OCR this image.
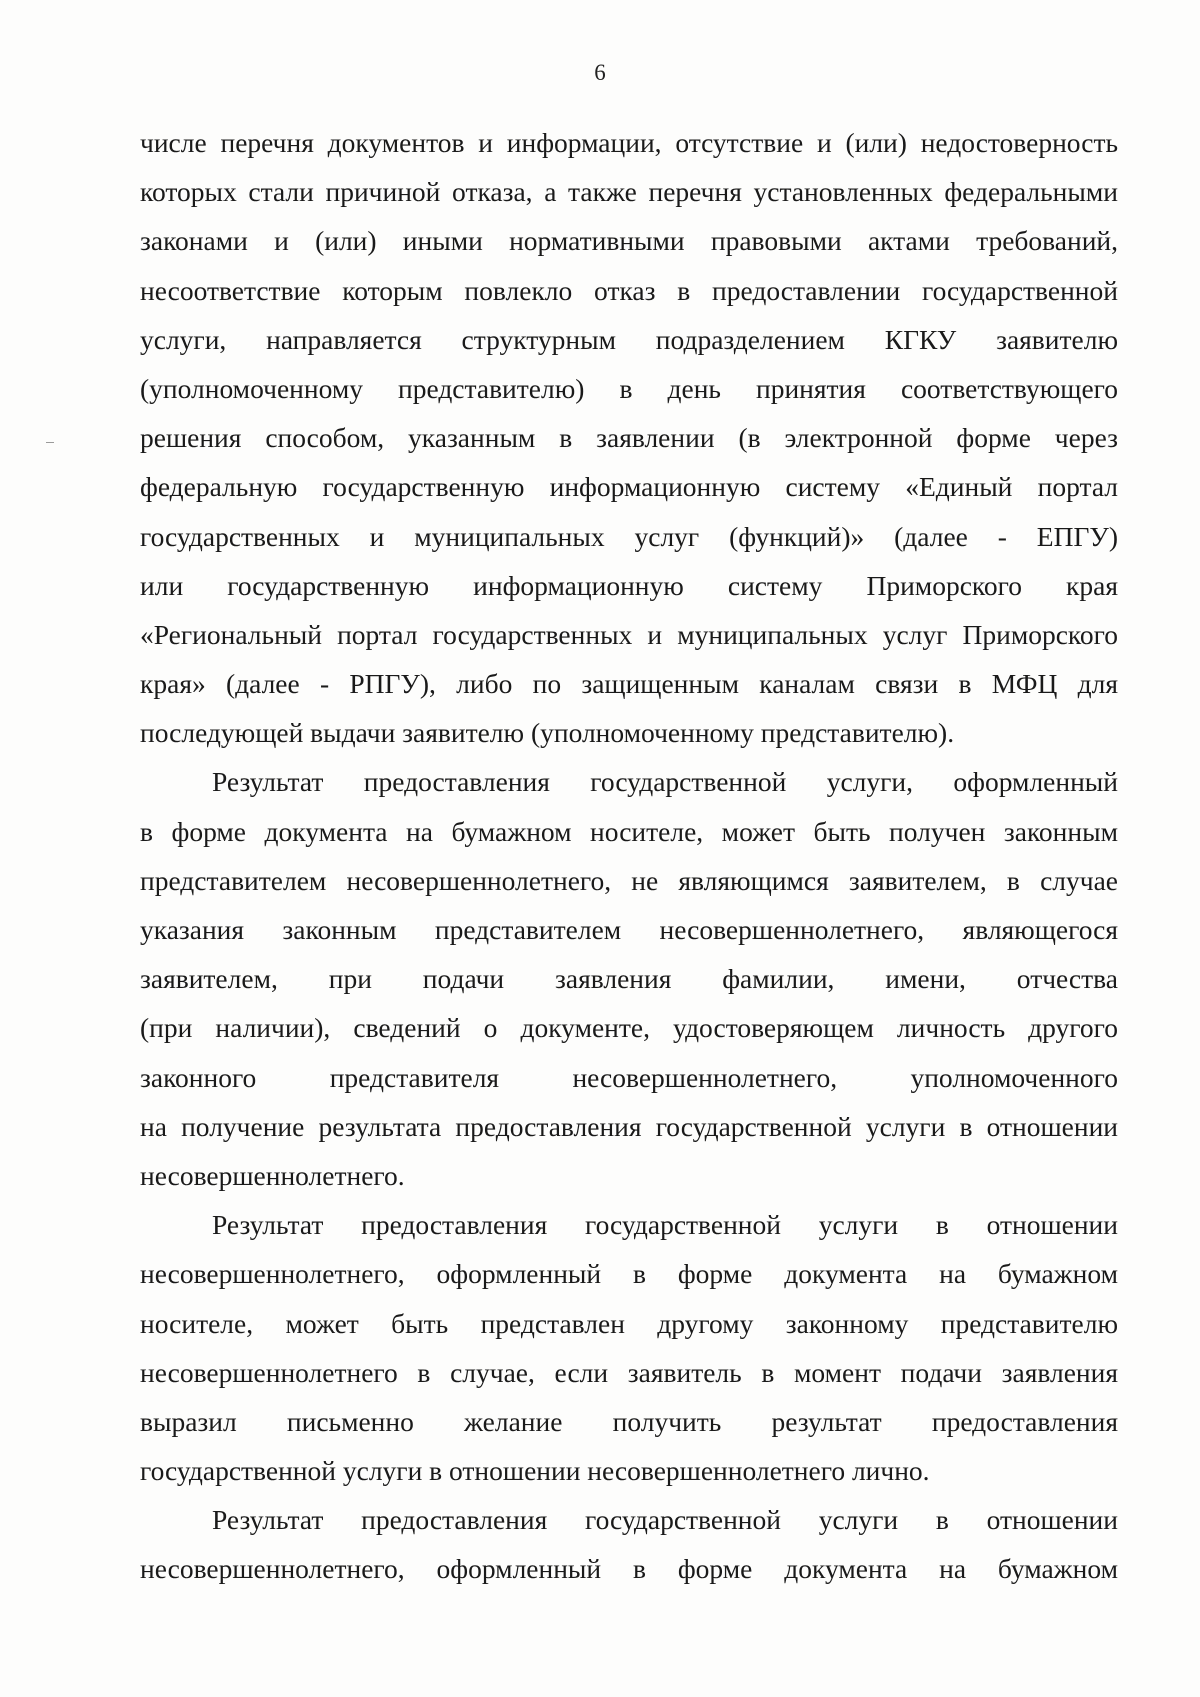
6
числе перечня документов и информации, отсутствие и (или) недостоверность
которых стали причиной отказа, а также перечня установленных федеральными
законами и (или) иными нормативными правовыми актами требований,
несоответствие которым повлекло отказ в предоставлении государственной
услуги, направляется структурным подразделением КГКУ заявителю
(уполномоченному представителю) в день принятия соответствующего
решения способом, указанным в заявлении (в электронной форме через
федеральную государственную информационную систему «Единый портал
государственных и муниципальных услуг (функций)» (далее - ЕПГУ)
или государственную информационную систему Приморского края
«Региональный портал государственных и муниципальных услуг Приморского
края» (далее - РПГУ), либо по защищенным каналам связи в МФЦ для
последующей выдачи заявителю (уполномоченному представителю).
Результат предоставления государственной услуги, оформленный
в форме документа на бумажном носителе, может быть получен законным
представителем несовершеннолетнего, не являющимся заявителем, в случае
указания законным представителем несовершеннолетнего, являющегося
заявителем, при подачи заявления фамилии, имени, отчества
(при наличии), сведений о документе, удостоверяющем личность другого
законного представителя несовершеннолетнего, уполномоченного
на получение результата предоставления государственной услуги в отношении
несовершеннолетнего.
Результат предоставления государственной услуги в отношении
несовершеннолетнего, оформленный в форме документа на бумажном
носителе, может быть представлен другому законному представителю
несовершеннолетнего в случае, если заявитель в момент подачи заявления
выразил письменно желание получить результат предоставления
государственной услуги в отношении несовершеннолетнего лично.
Результат предоставления государственной услуги в отношении
несовершеннолетнего, оформленный в форме документа на бумажном
